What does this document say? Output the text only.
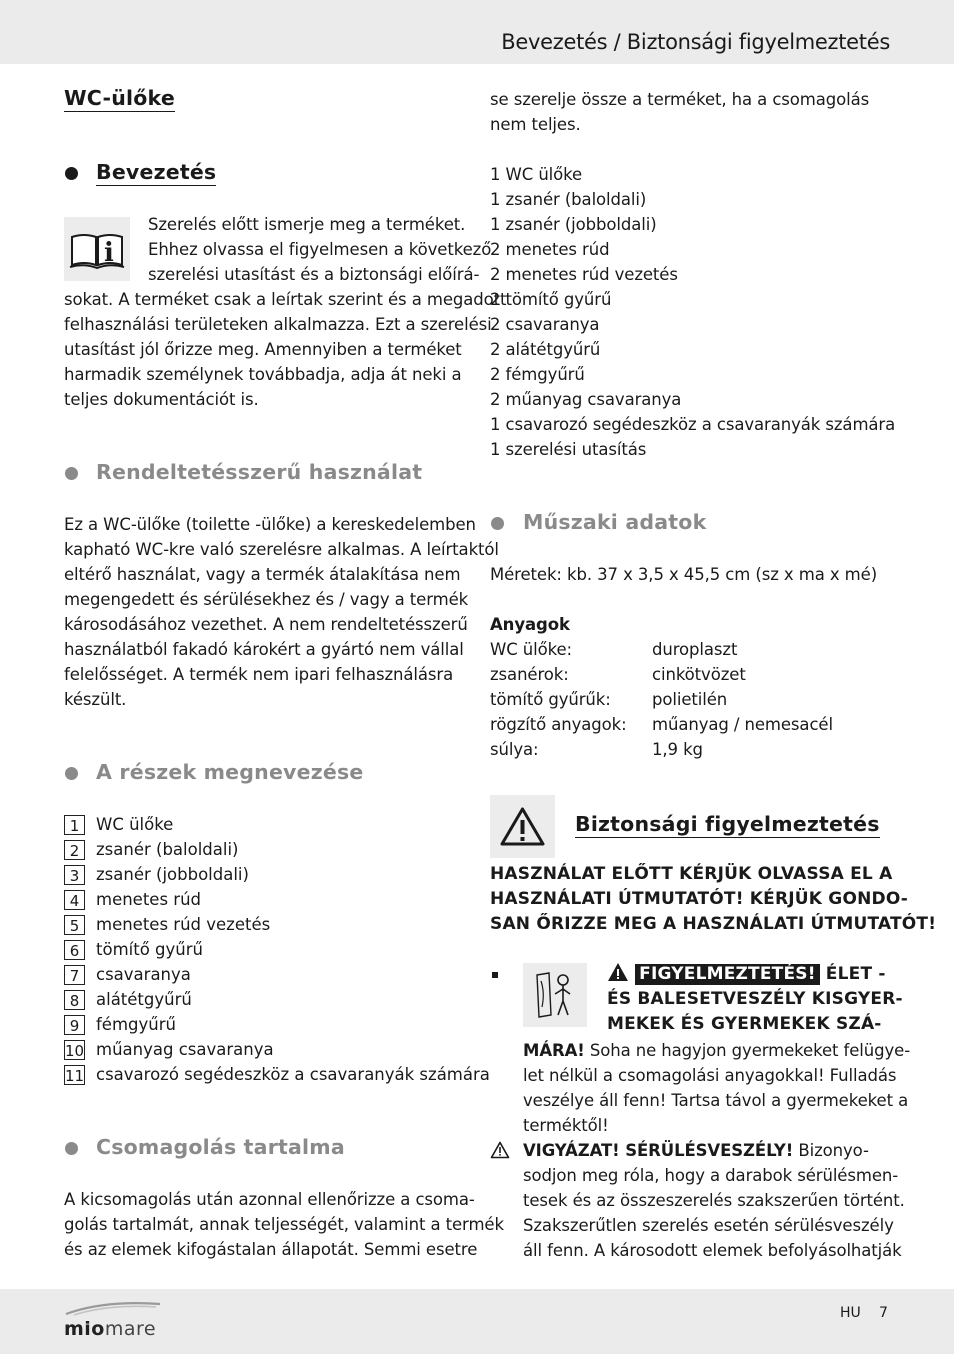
Bevezetés / Biztonsági figyelmeztetés
miomare
HU 7
WC-ülőke
Bevezetés
i
Szerelés előtt ismerje meg a terméket.
Ehhez olvassa el figyelmesen a következő
szerelési utasítást és a biztonsági előírá-
sokat. A terméket csak a leírtak szerint és a megadott
felhasználási területeken alkalmazza. Ezt a szerelési
utasítást jól őrizze meg. Amennyiben a terméket
harmadik személynek továbbadja, adja át neki a
teljes dokumentációt is.
Rendeltetésszerű használat
Ez a WC-ülőke (toilette -ülőke) a kereskedelemben
kapható WC-kre való szerelésre alkalmas. A leírtaktól
eltérő használat, vagy a termék átalakítása nem
megengedett és sérülésekhez és / vagy a termék
károsodásához vezethet. A nem rendeltetésszerű
használatból fakadó károkért a gyártó nem vállal
felelősséget. A termék nem ipari felhasználásra
készült.
A részek megnevezése
1	WC ülőke
2	zsanér (baloldali)
3	zsanér (jobboldali)
4	menetes rúd
5	menetes rúd vezetés
6	tömítő gyűrű
7	csavaranya
8	alátétgyűrű
9	fémgyűrű
10 műanyag csavaranya
11 csavarozó segédeszköz a csavaranyák számára
Csomagolás tartalma
A kicsomagolás után azonnal ellenőrizze a csoma-
golás tartalmát, annak teljességét, valamint a termék
és az elemek kifogástalan állapotát. Semmi esetre
se szerelje össze a terméket, ha a csomagolás
nem teljes.
1 WC ülőke
1 zsanér (baloldali)
1 zsanér (jobboldali)
2 menetes rúd
2 menetes rúd vezetés
2 tömítő gyűrű
2 csavaranya
2 alátétgyűrű
2 fémgyűrű
2 műanyag csavaranya
1 csavarozó segédeszköz a csavaranyák számára
1 szerelési utasítás
Műszaki adatok
Méretek: kb. 37 x 3,5 x 45,5 cm (sz x ma x mé)
Anyagok
WC ülőke:	duroplaszt
zsanérok:	cinkötvözet
tömítő gyűrűk:	polietilén
rögzítő anyagok: műanyag / nemesacél
súlya:	1,9 kg
Biztonsági figyelmeztetés
HASZNÁLAT ELŐTT KÉRJÜK OLVASSA EL A
HASZNÁLATI ÚTMUTATÓT! KÉRJÜK GONDO-
SAN ŐRIZZE MEG A HASZNÁLATI ÚTMUTATÓT!
FIGYELMEZTETÉS! ÉLET -
ÉS BALESETVESZÉLY KISGYER-
MEKEK ÉS GYERMEKEK SZÁ-
MÁRA! Soha ne hagyjon gyermekeket felügye-
let nélkül a csomagolási anyagokkal! Fulladás
veszélye áll fenn! Tartsa távol a gyermekeket a
terméktől!
VIGYÁZAT! SÉRÜLÉSVESZÉLY! Bizonyo-
sodjon meg róla, hogy a darabok sérülésmen-
tesek és az összeszerelés szakszerűen történt.
Szakszerűtlen szerelés esetén sérülésveszély
áll fenn. A károsodott elemek befolyásolhatják
